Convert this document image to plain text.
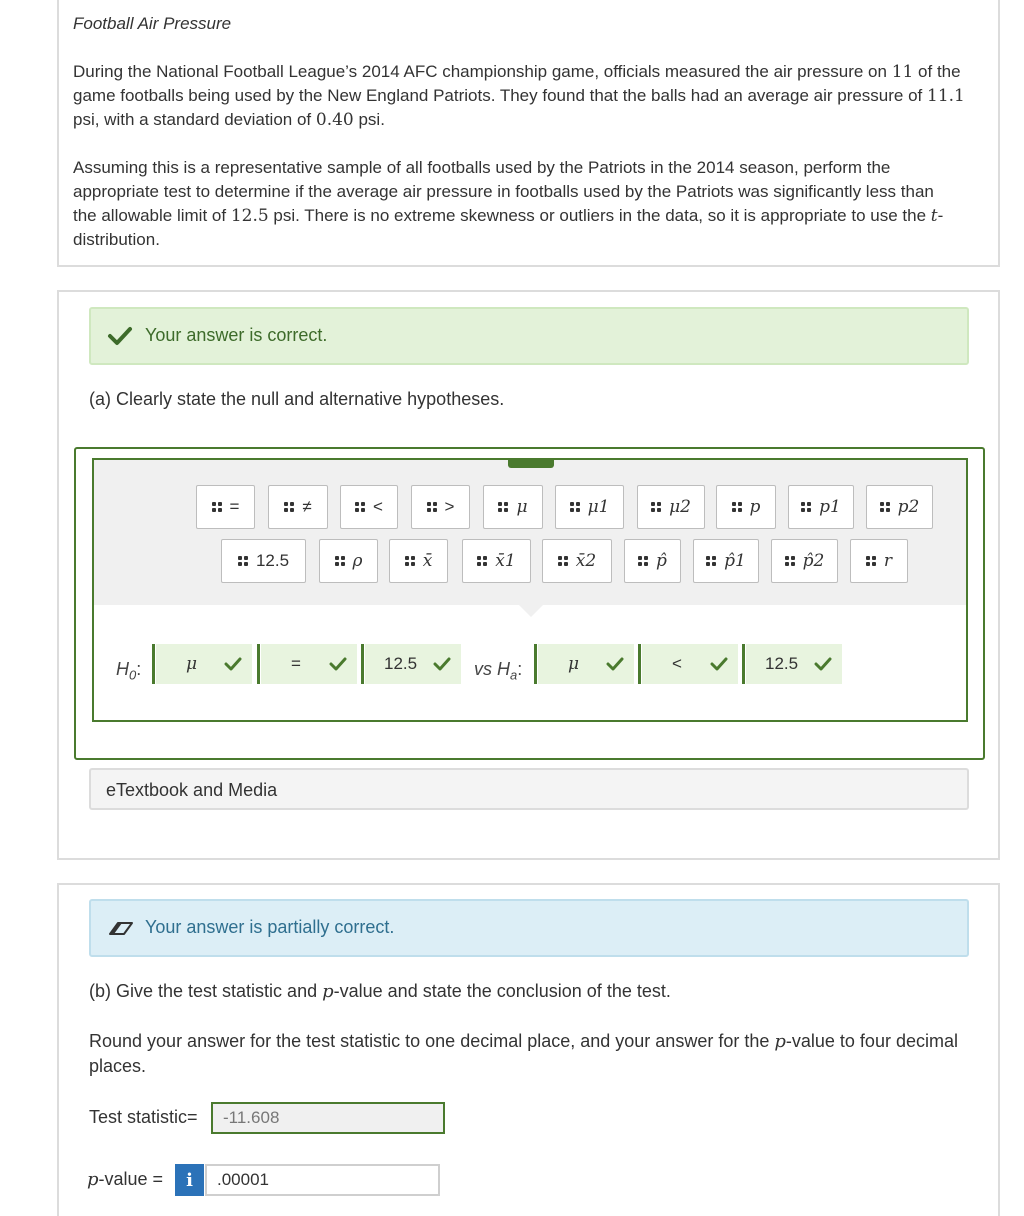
Football Air Pressure
During the National Football League’s 2014 AFC championship game, officials measured the air pressure on 11 of the
game footballs being used by the New England Patriots. They found that the balls had an average air pressure of 11.1
psi, with a standard deviation of 0.40 psi.
Assuming this is a representative sample of all footballs used by the Patriots in the 2014 season, perform the
appropriate test to determine if the average air pressure in footballs used by the Patriots was significantly less than
the allowable limit of 12.5 psi. There is no extreme skewness or outliers in the data, so it is appropriate to use the t-
distribution.
Your answer is correct.
(a) Clearly state the null and alternative hypotheses.
=	≠	<	>	μ	μ1	μ2	p	p1	p2
12.5	ρ	x̄	x̄1	x̄2	p̂	p̂1	p̂2	r
$H_0$:	μ	=	12.5	vs $H_a$:	μ	<	12.5
eTextbook and Media
Your answer is partially correct.
(b) Give the test statistic and p-value and state the conclusion of the test.
Round your answer for the test statistic to one decimal place, and your answer for the p-value to four decimal
places.
Test statistic=
-11.608
p-value =	i
.00001
